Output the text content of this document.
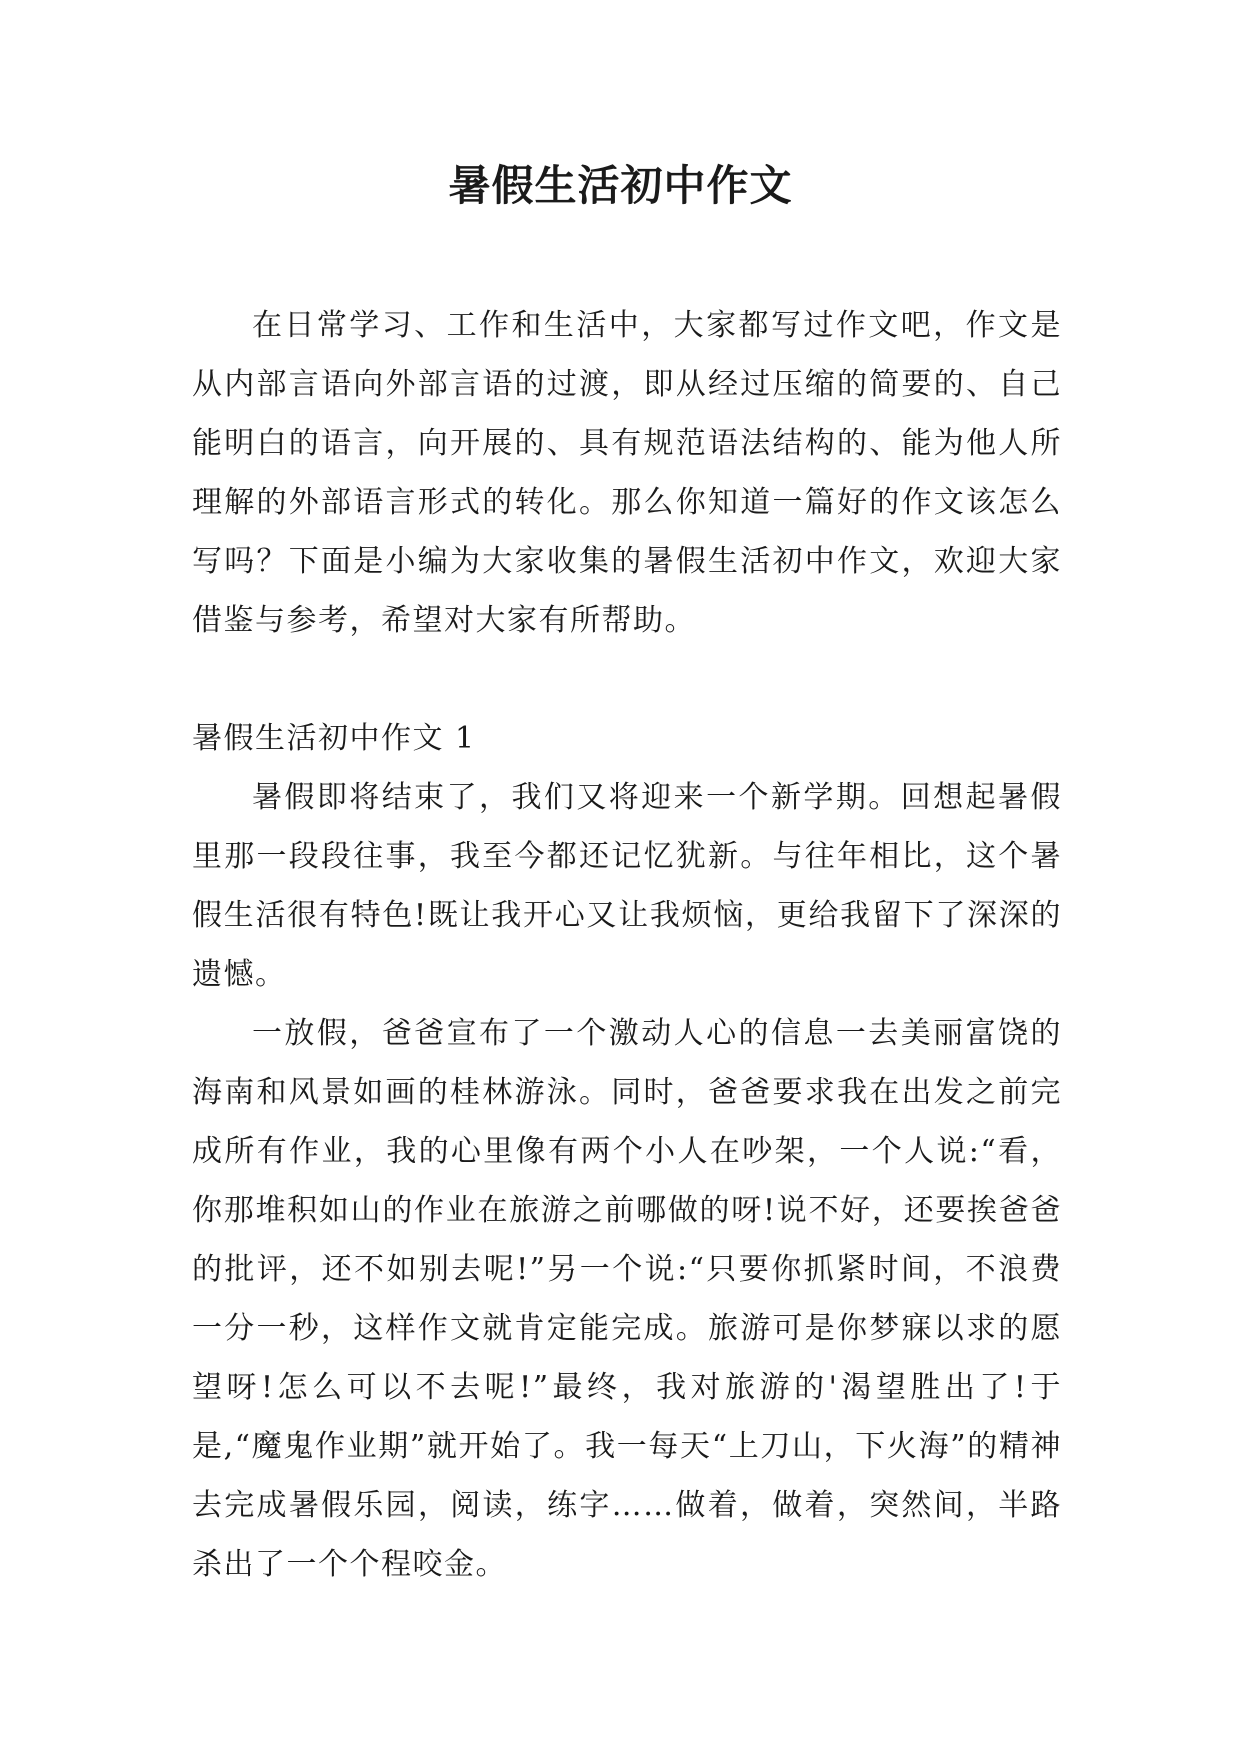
暑假生活初中作文

在日常学习、工作和生活中，大家都写过作文吧，作文是从内部言语向外部言语的过渡，即从经过压缩的简要的、自己能明白的语言，向开展的、具有规范语法结构的、能为他人所理解的外部语言形式的转化。那么你知道一篇好的作文该怎么写吗？下面是小编为大家收集的暑假生活初中作文，欢迎大家借鉴与参考，希望对大家有所帮助。

暑假生活初中作文 1

暑假即将结束了，我们又将迎来一个新学期。回想起暑假里那一段段往事，我至今都还记忆犹新。与往年相比，这个暑假生活很有特色!既让我开心又让我烦恼，更给我留下了深深的遗憾。

一放假，爸爸宣布了一个激动人心的信息一去美丽富饶的海南和风景如画的桂林游泳。同时，爸爸要求我在出发之前完成所有作业，我的心里像有两个小人在吵架，一个人说:“看，你那堆积如山的作业在旅游之前哪做的呀!说不好，还要挨爸爸的批评，还不如别去呢!”另一个说:“只要你抓紧时间，不浪费一分一秒，这样作文就肯定能完成。旅游可是你梦寐以求的愿望呀!怎么可以不去呢!”最终，我对旅游的'渴望胜出了!于是,“魔鬼作业期”就开始了。我一每天“上刀山，下火海”的精神去完成暑假乐园，阅读，练字……做着，做着，突然间，半路杀出了一个个程咬金。
